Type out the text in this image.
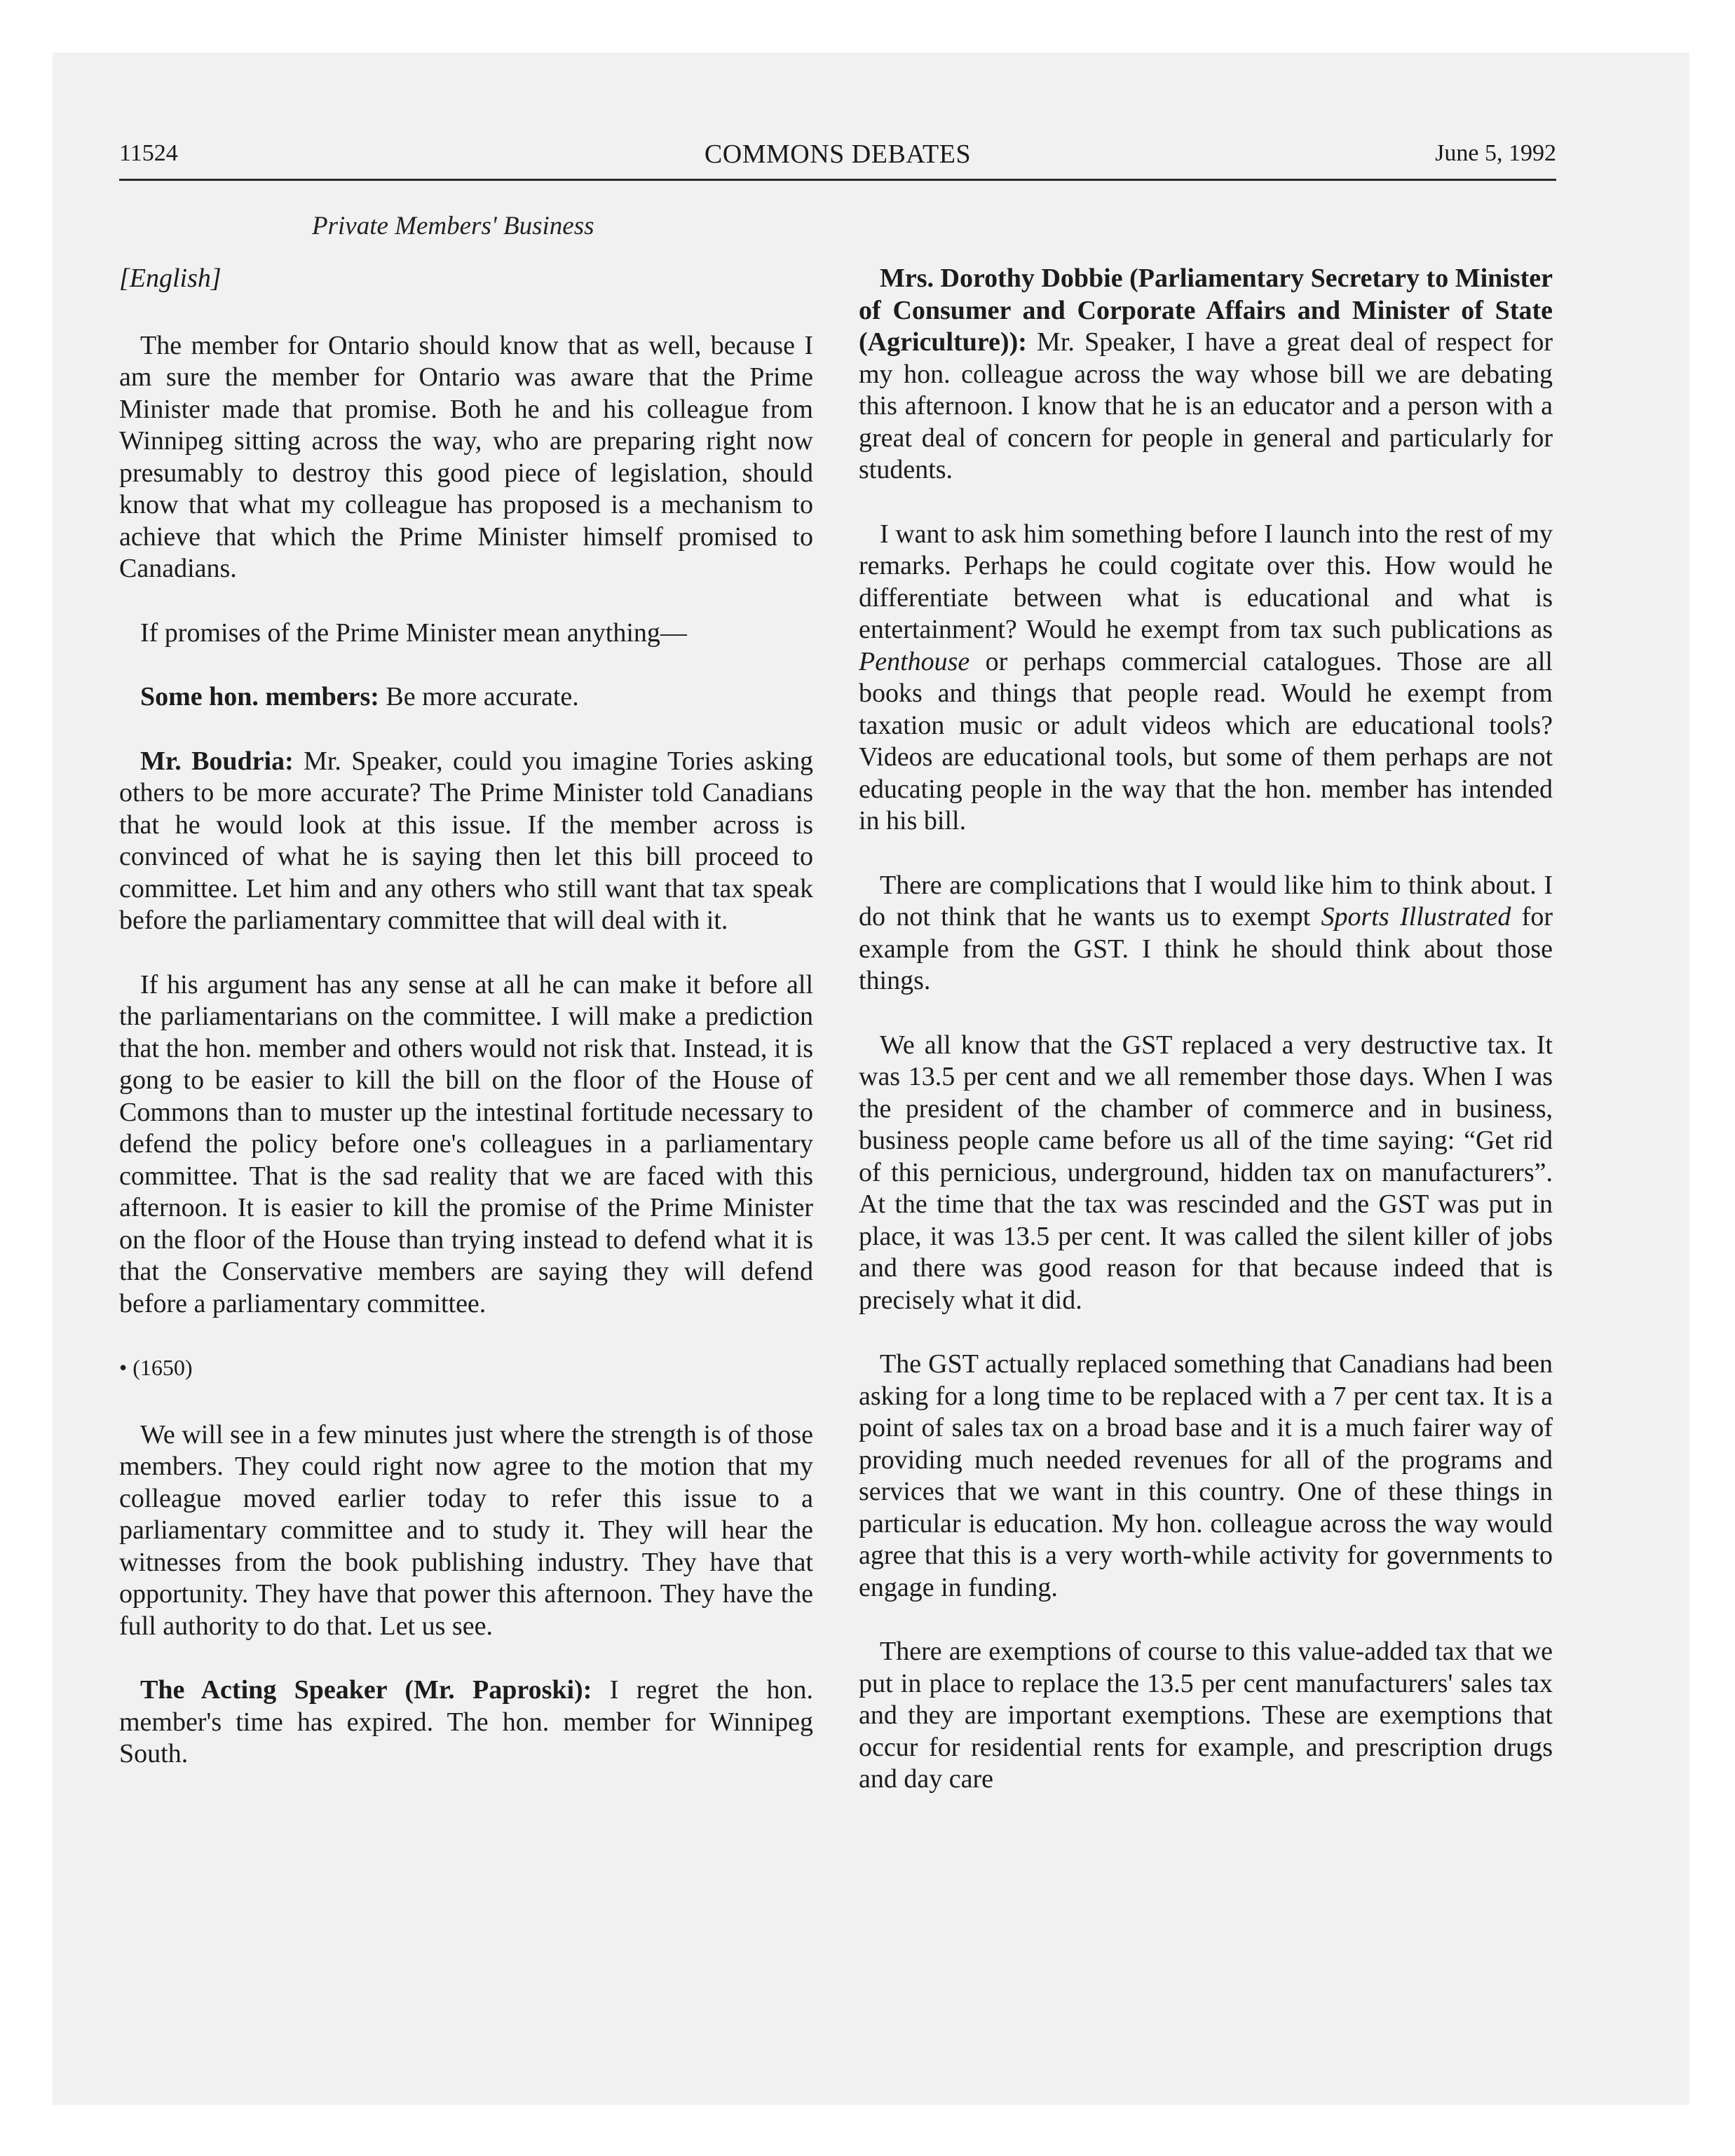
11524	COMMONS DEBATES	June 5, 1992
Private Members' Business

[English]

The member for Ontario should know that as well, because I am sure the member for Ontario was aware that the Prime Minister made that promise. Both he and his colleague from Winnipeg sitting across the way, who are preparing right now presumably to destroy this good piece of legislation, should know that what my colleague has proposed is a mechanism to achieve that which the Prime Minister himself promised to Canadians.

If promises of the Prime Minister mean anything—

Some hon. members: Be more accurate.

Mr. Boudria: Mr. Speaker, could you imagine Tories asking others to be more accurate? The Prime Minister told Canadians that he would look at this issue. If the member across is convinced of what he is saying then let this bill proceed to committee. Let him and any others who still want that tax speak before the parliamentary committee that will deal with it.

If his argument has any sense at all he can make it before all the parliamentarians on the committee. I will make a prediction that the hon. member and others would not risk that. Instead, it is gong to be easier to kill the bill on the floor of the House of Commons than to muster up the intestinal fortitude necessary to defend the policy before one's colleagues in a parliamentary committee. That is the sad reality that we are faced with this afternoon. It is easier to kill the promise of the Prime Minister on the floor of the House than trying instead to defend what it is that the Conservative members are saying they will defend before a parliamentary committee.

• (1650)

We will see in a few minutes just where the strength is of those members. They could right now agree to the motion that my colleague moved earlier today to refer this issue to a parliamentary committee and to study it. They will hear the witnesses from the book publishing industry. They have that opportunity. They have that power this afternoon. They have the full authority to do that. Let us see.

The Acting Speaker (Mr. Paproski): I regret the hon. member's time has expired. The hon. member for Winnipeg South.

Mrs. Dorothy Dobbie (Parliamentary Secretary to Minister of Consumer and Corporate Affairs and Minister of State (Agriculture)): Mr. Speaker, I have a great deal of respect for my hon. colleague across the way whose bill we are debating this afternoon. I know that he is an educator and a person with a great deal of concern for people in general and particularly for students.

I want to ask him something before I launch into the rest of my remarks. Perhaps he could cogitate over this. How would he differentiate between what is educational and what is entertainment? Would he exempt from tax such publications as Penthouse or perhaps commercial catalogues. Those are all books and things that people read. Would he exempt from taxation music or adult videos which are educational tools? Videos are educational tools, but some of them perhaps are not educating people in the way that the hon. member has intended in his bill.

There are complications that I would like him to think about. I do not think that he wants us to exempt Sports Illustrated for example from the GST. I think he should think about those things.

We all know that the GST replaced a very destructive tax. It was 13.5 per cent and we all remember those days. When I was the president of the chamber of commerce and in business, business people came before us all of the time saying: “Get rid of this pernicious, underground, hidden tax on manufacturers”. At the time that the tax was rescinded and the GST was put in place, it was 13.5 per cent. It was called the silent killer of jobs and there was good reason for that because indeed that is precisely what it did.

The GST actually replaced something that Canadians had been asking for a long time to be replaced with a 7 per cent tax. It is a point of sales tax on a broad base and it is a much fairer way of providing much needed revenues for all of the programs and services that we want in this country. One of these things in particular is education. My hon. colleague across the way would agree that this is a very worth-while activity for governments to engage in funding.

There are exemptions of course to this value-added tax that we put in place to replace the 13.5 per cent manufacturers' sales tax and they are important exemptions. These are exemptions that occur for residential rents for example, and prescription drugs and day care
